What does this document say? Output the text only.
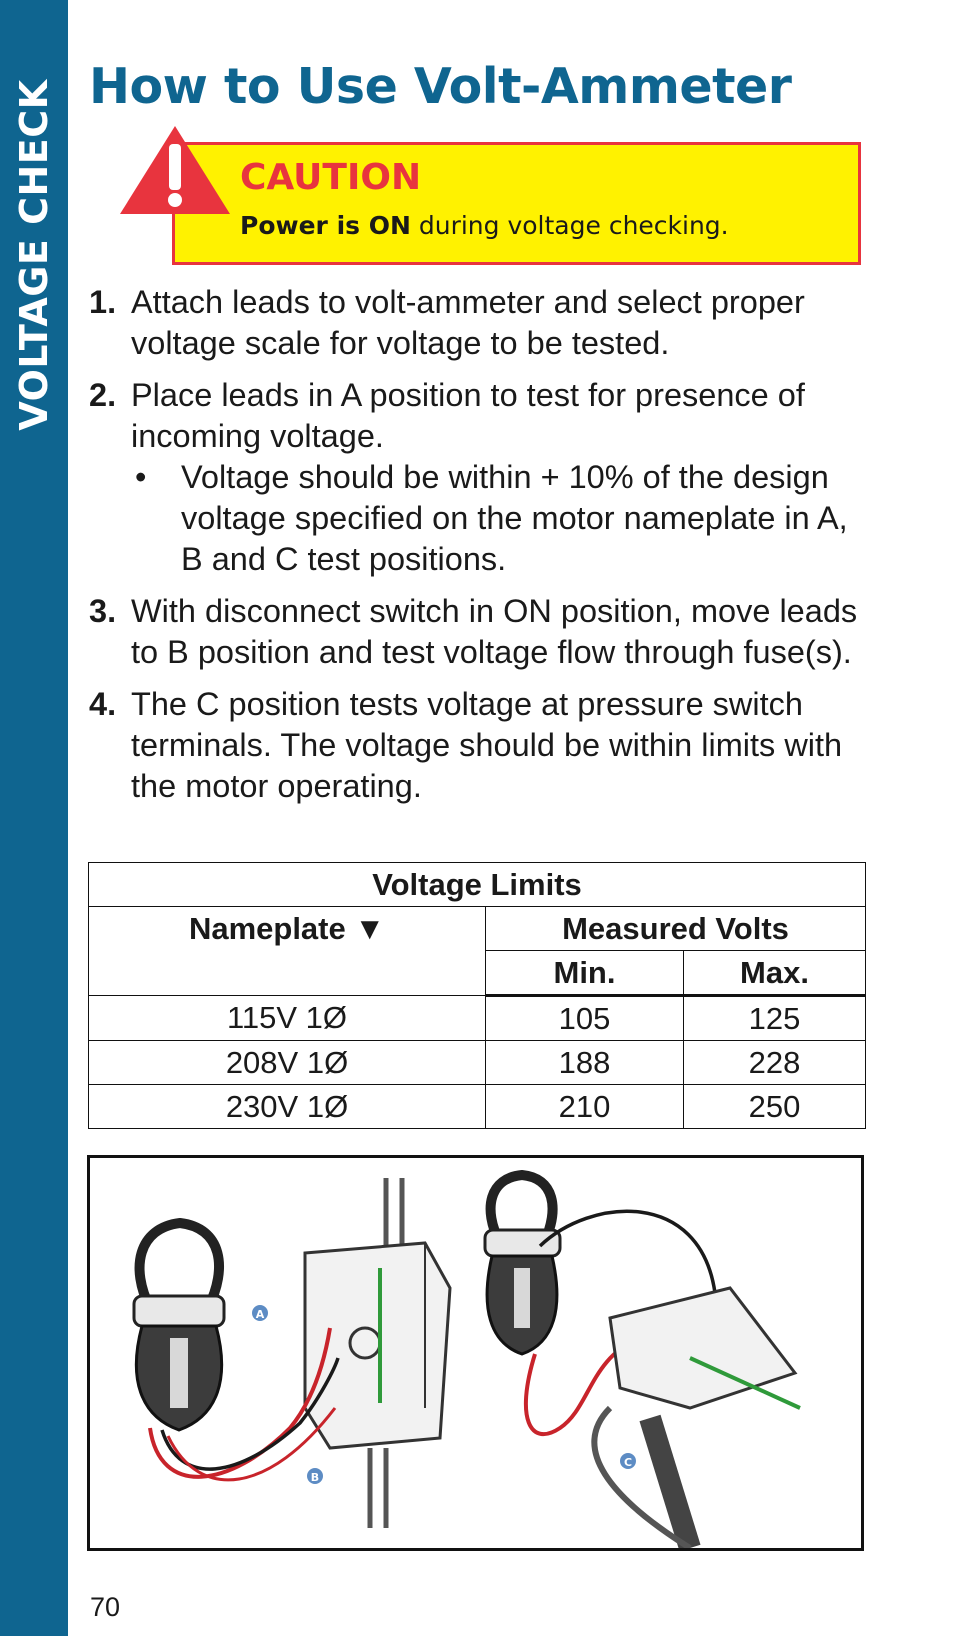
VOLTAGE CHECK How to Use Volt-Ammeter
CAUTION
Power is ON during voltage checking.
1. Attach leads to volt-ammeter and select proper voltage scale for voltage to be tested.
2. Place leads in A position to test for presence of incoming voltage.
• Voltage should be within + 10% of the design voltage specified on the motor nameplate in A, B and C test positions.
3. With disconnect switch in ON position, move leads to B position and test voltage flow through fuse(s).
4. The C position tests voltage at pressure switch terminals. The voltage should be within limits with the motor operating.
Voltage Limits		
Nameplate ▼	Measured Volts	
	Min.	Max.
115V 1Ø	105	125
208V 1Ø	188	228
230V 1Ø	210	250
A
B
C
70
